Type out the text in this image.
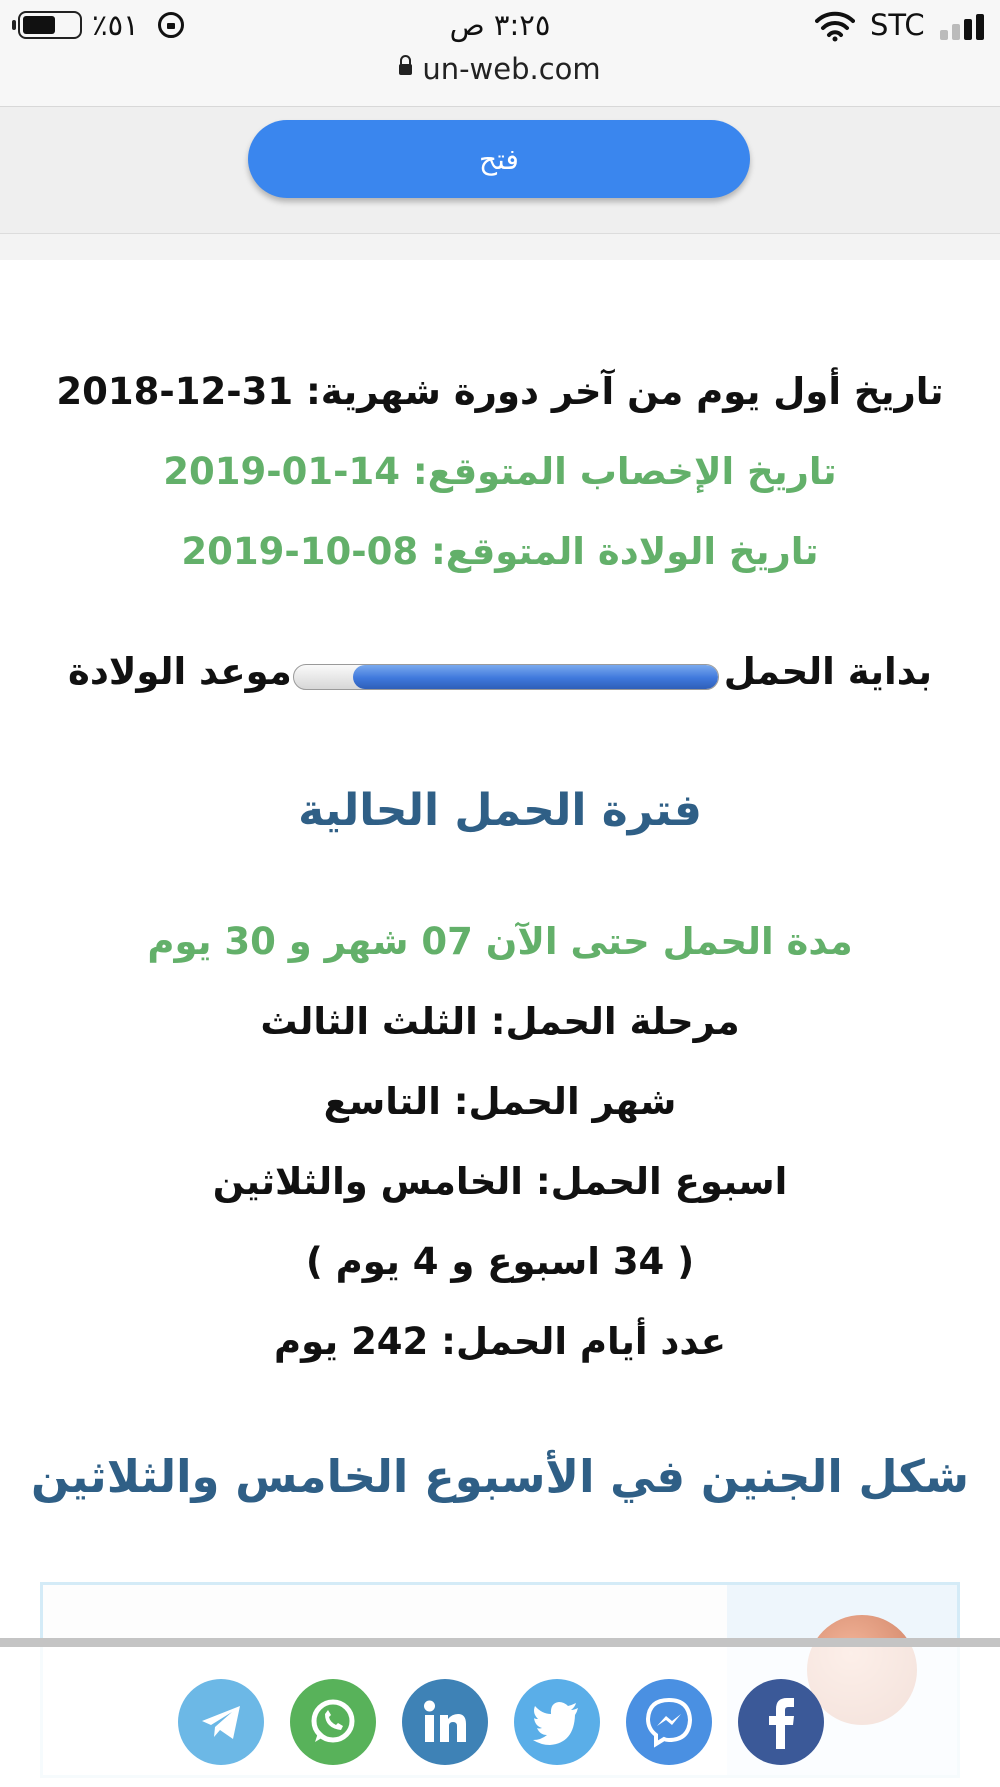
٪٥١	٣:٢٥ ص	STC
un-web.com
فتح
تاريخ أول يوم من آخر دورة شهرية: 31-12-2018
تاريخ الإخصاب المتوقع: 14-01-2019
تاريخ الولادة المتوقع: 08-10-2019
بداية الحمل
موعد الولادة
فترة الحمل الحالية
مدة الحمل حتى الآن 07 شهر و 30 يوم
مرحلة الحمل: الثلث الثالث
شهر الحمل: التاسع
اسبوع الحمل: الخامس والثلاثين
( 34 اسبوع و 4 يوم )
عدد أيام الحمل: 242 يوم
شكل الجنين في الأسبوع الخامس والثلاثين
